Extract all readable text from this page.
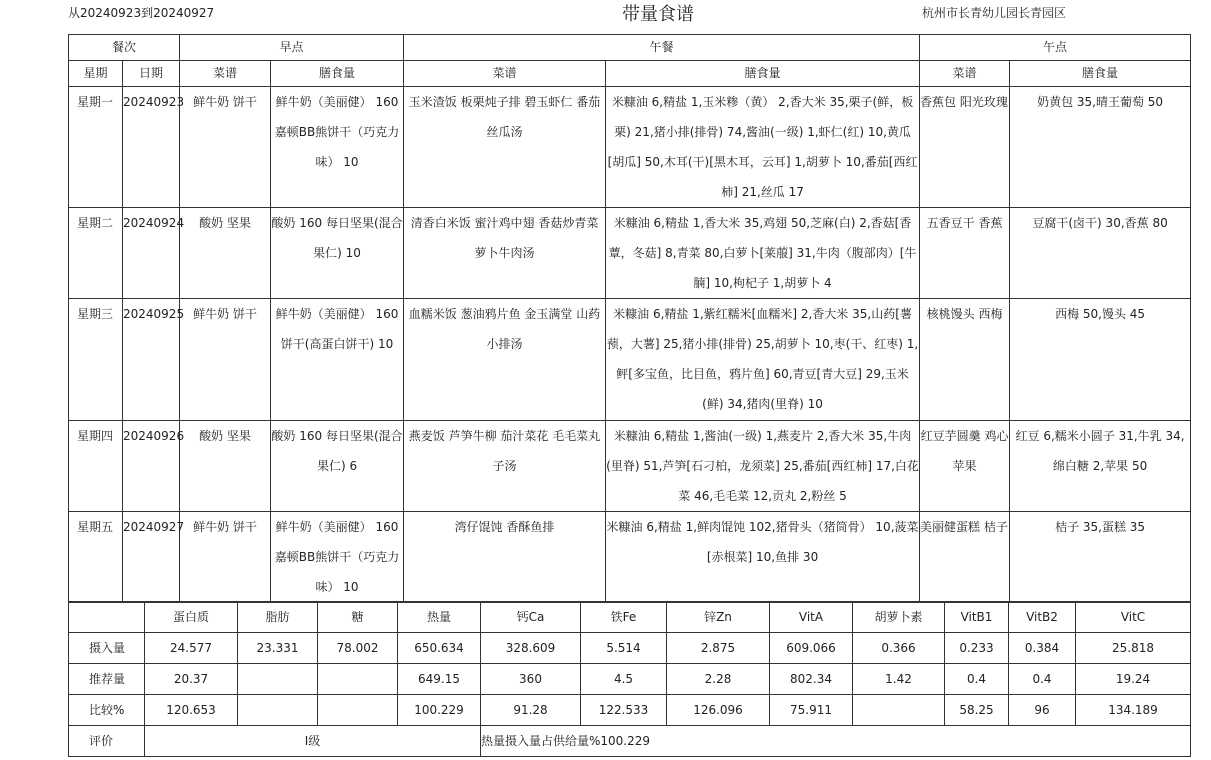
从20240923到20240927	带量食谱	杭州市长青幼儿园长青园区
餐次		早点		午餐		午点	
星期	日期	菜谱	膳食量	菜谱	膳食量	菜谱	膳食量
星期一	20240923	鲜牛奶 饼干	鲜牛奶（美丽健） 160 嘉顿BB熊饼干（巧克力味） 10	玉米渣饭 板栗炖子排 碧玉虾仁 番茄丝瓜汤	米糠油 6,精盐 1,玉米糁（黄） 2,香大米 35,栗子(鲜，板栗) 21,猪小排(排骨) 74,酱油(一级) 1,虾仁(红) 10,黄瓜[胡瓜] 50,木耳(干)[黑木耳，云耳] 1,胡萝卜 10,番茄[西红柿] 21,丝瓜 17	香蕉包 阳光玫瑰	奶黄包 35,晴王葡萄 50
星期二	20240924	酸奶 坚果	酸奶 160 每日坚果(混合果仁) 10	清香白米饭 蜜汁鸡中翅 香菇炒青菜 萝卜牛肉汤	米糠油 6,精盐 1,香大米 35,鸡翅 50,芝麻(白) 2,香菇[香蕈，冬菇] 8,青菜 80,白萝卜[莱菔] 31,牛肉（腹部肉）[牛腩] 10,枸杞子 1,胡萝卜 4	五香豆干 香蕉	豆腐干(卤干) 30,香蕉 80
星期三	20240925	鲜牛奶 饼干	鲜牛奶（美丽健） 160 饼干(高蛋白饼干) 10	血糯米饭 葱油鸦片鱼 金玉满堂 山药小排汤	米糠油 6,精盐 1,紫红糯米[血糯米] 2,香大米 35,山药[薯蓣，大薯] 25,猪小排(排骨) 25,胡萝卜 10,枣(干、红枣) 1,鲆[多宝鱼，比目鱼，鸦片鱼] 60,青豆[青大豆] 29,玉米(鲜) 34,猪肉(里脊) 10	核桃馒头 西梅	西梅 50,馒头 45
星期四	20240926	酸奶 坚果	酸奶 160 每日坚果(混合果仁) 6	燕麦饭 芦笋牛柳 茄汁菜花 毛毛菜丸子汤	米糠油 6,精盐 1,酱油(一级) 1,燕麦片 2,香大米 35,牛肉(里脊) 51,芦笋[石刁柏，龙须菜] 25,番茄[西红柿] 17,白花菜 46,毛毛菜 12,贡丸 2,粉丝 5	红豆芋圆羹 鸡心苹果	红豆 6,糯米小圆子 31,牛乳 34,绵白糖 2,苹果 50
星期五	20240927	鲜牛奶 饼干	鲜牛奶（美丽健） 160 嘉顿BB熊饼干（巧克力味） 10	湾仔馄饨 香酥鱼排	米糠油 6,精盐 1,鲜肉馄饨 102,猪骨头（猪筒骨） 10,菠菜[赤根菜] 10,鱼排 30	美丽健蛋糕 桔子	桔子 35,蛋糕 35
	蛋白质	脂肪	糖	热量	钙Ca	铁Fe	锌Zn	VitA	胡萝卜素	VitB1	VitB2	VitC
摄入量	24.577	23.331	78.002	650.634	328.609	5.514	2.875	609.066	0.366	0.233	0.384	25.818
推荐量	20.37			649.15	360	4.5	2.28	802.34	1.42	0.4	0.4	19.24
比较%	120.653			100.229	91.28	122.533	126.096	75.911		58.25	96	134.189
评价	I级				热量摄入量占供给量%100.229							
